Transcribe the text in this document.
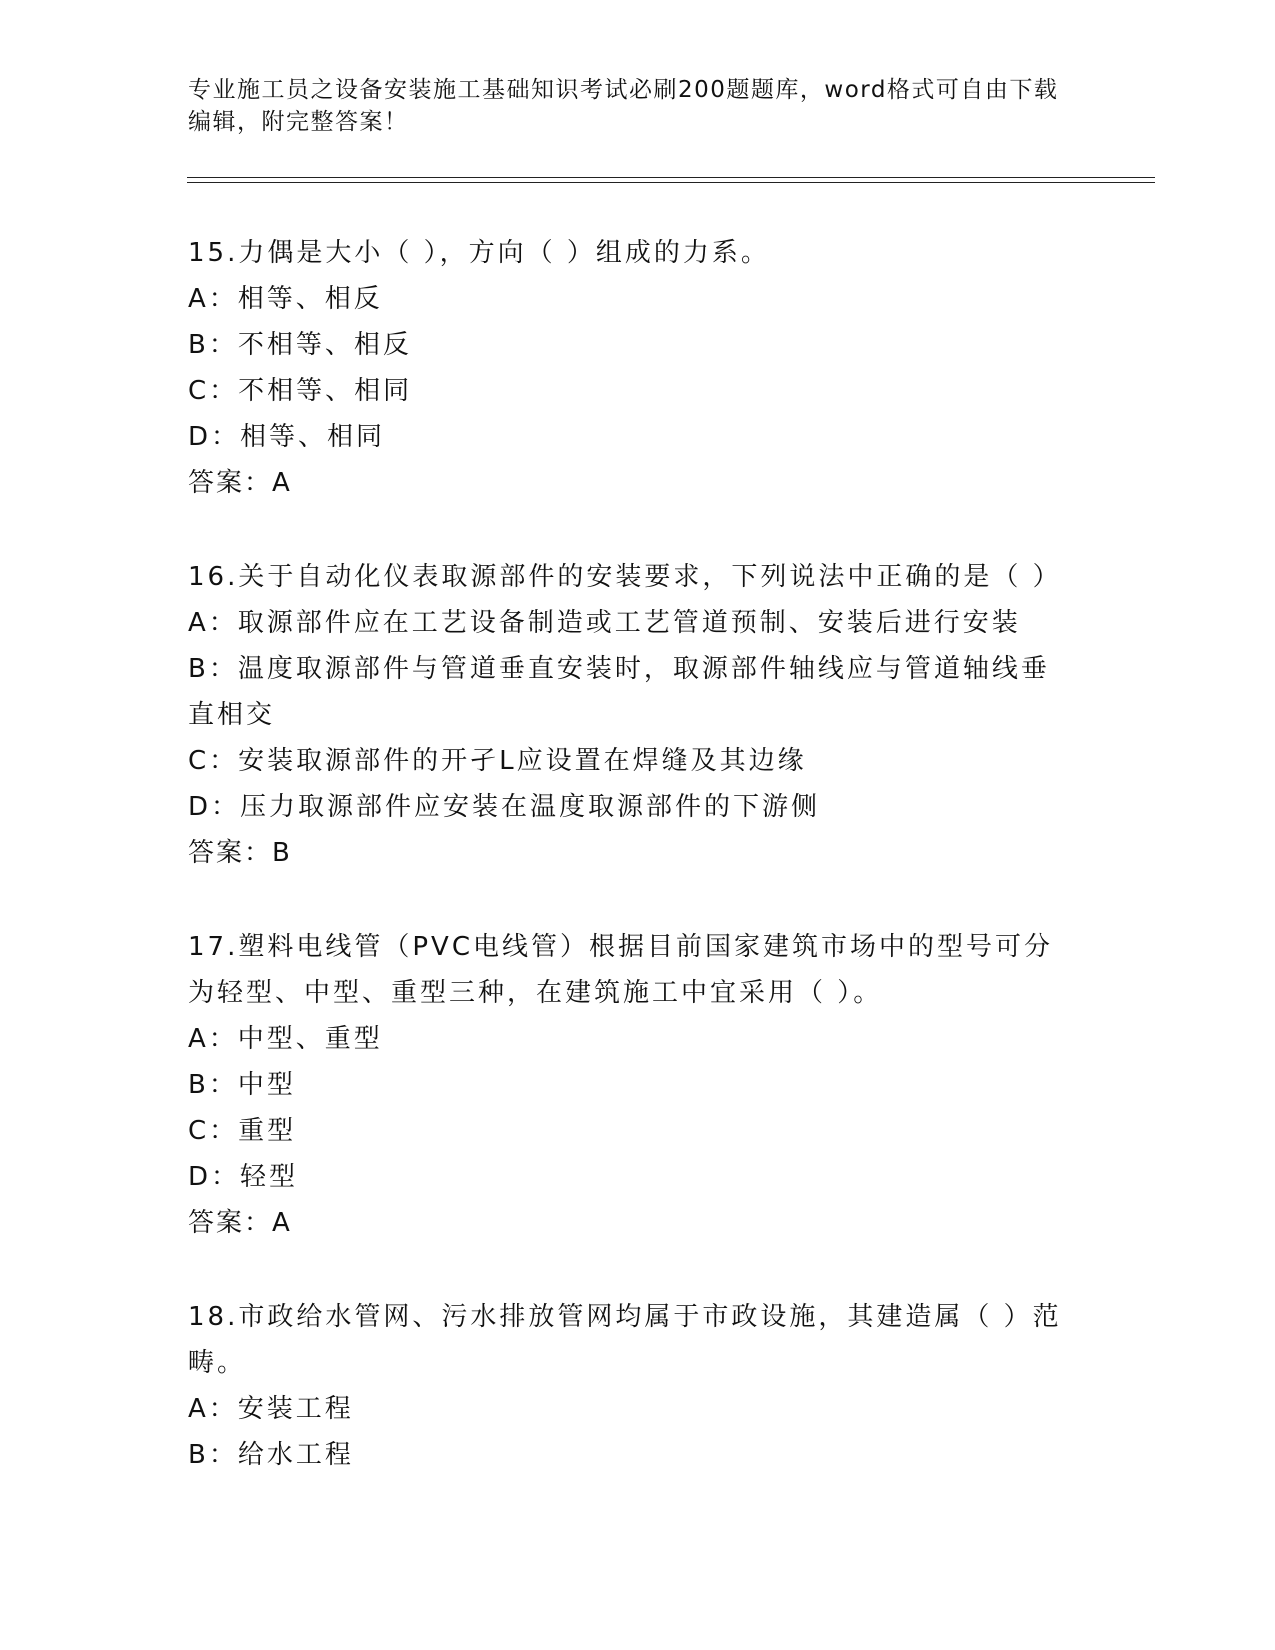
专业施工员之设备安装施工基础知识考试必刷200题题库，word格式可自由下载编辑，附完整答案！
15.力偶是大小（ ），方向（ ）组成的力系。
A：相等、相反
B：不相等、相反
C：不相等、相同
D：相等、相同
答案：A
16.关于自动化仪表取源部件的安装要求，下列说法中正确的是（ ）
A：取源部件应在工艺设备制造或工艺管道预制、安装后进行安装
B：温度取源部件与管道垂直安装时，取源部件轴线应与管道轴线垂直相交
C：安装取源部件的开孑L应设置在焊缝及其边缘
D：压力取源部件应安装在温度取源部件的下游侧
答案：B
17.塑料电线管（PVC电线管）根据目前国家建筑市场中的型号可分为轻型、中型、重型三种，在建筑施工中宜采用（ ）。
A：中型、重型
B：中型
C：重型
D：轻型
答案：A
18.市政给水管网、污水排放管网均属于市政设施，其建造属（ ）范畴。
A：安装工程
B：给水工程
